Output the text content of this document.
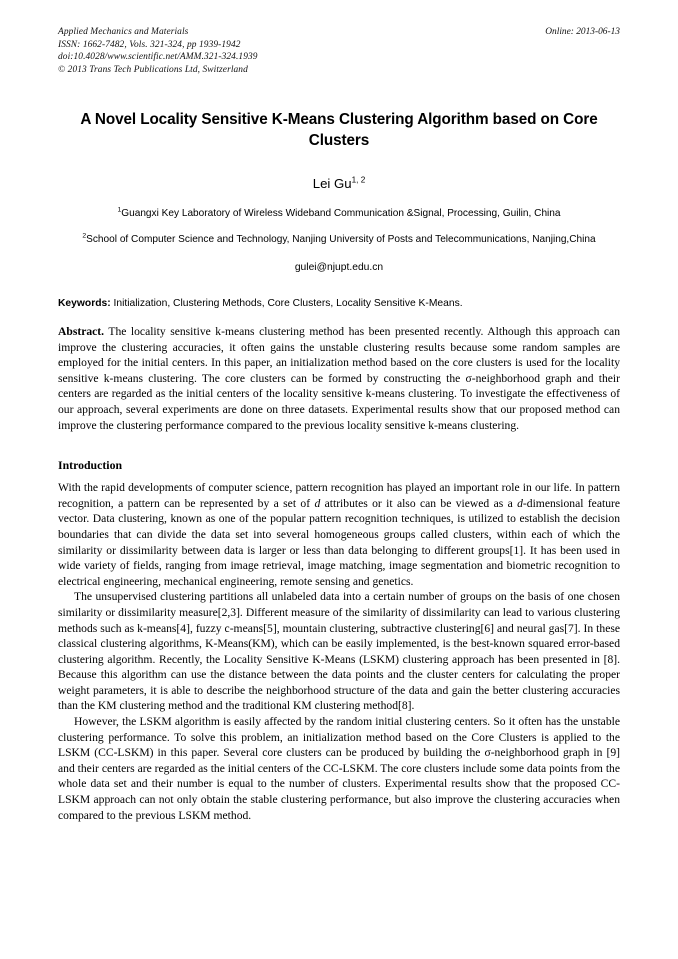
Applied Mechanics and Materials
ISSN: 1662-7482, Vols. 321-324, pp 1939-1942
doi:10.4028/www.scientific.net/AMM.321-324.1939
© 2013 Trans Tech Publications Ltd, Switzerland
Online: 2013-06-13
A Novel Locality Sensitive K-Means Clustering Algorithm based on Core Clusters
Lei Gu$^{1, 2}$
$^1$Guangxi Key Laboratory of Wireless Wideband Communication &Signal, Processing, Guilin, China
$^2$School of Computer Science and Technology, Nanjing University of Posts and Telecommunications, Nanjing,China
gulei@njupt.edu.cn
Keywords: Initialization, Clustering Methods, Core Clusters, Locality Sensitive K-Means.
Abstract. The locality sensitive k-means clustering method has been presented recently. Although this approach can improve the clustering accuracies, it often gains the unstable clustering results because some random samples are employed for the initial centers. In this paper, an initialization method based on the core clusters is used for the locality sensitive k-means clustering. The core clusters can be formed by constructing the σ-neighborhood graph and their centers are regarded as the initial centers of the locality sensitive k-means clustering. To investigate the effectiveness of our approach, several experiments are done on three datasets. Experimental results show that our proposed method can improve the clustering performance compared to the previous locality sensitive k-means clustering.
Introduction
With the rapid developments of computer science, pattern recognition has played an important role in our life. In pattern recognition, a pattern can be represented by a set of d attributes or it also can be viewed as a d-dimensional feature vector. Data clustering, known as one of the popular pattern recognition techniques, is utilized to establish the decision boundaries that can divide the data set into several homogeneous groups called clusters, within each of which the similarity or dissimilarity between data is larger or less than data belonging to different groups[1]. It has been used in wide variety of fields, ranging from image retrieval, image matching, image segmentation and biometric recognition to electrical engineering, mechanical engineering, remote sensing and genetics.
The unsupervised clustering partitions all unlabeled data into a certain number of groups on the basis of one chosen similarity or dissimilarity measure[2,3]. Different measure of the similarity of dissimilarity can lead to various clustering methods such as k-means[4], fuzzy c-means[5], mountain clustering, subtractive clustering[6] and neural gas[7]. In these classical clustering algorithms, K-Means(KM), which can be easily implemented, is the best-known squared error-based clustering algorithm. Recently, the Locality Sensitive K-Means (LSKM) clustering approach has been presented in [8]. Because this algorithm can use the distance between the data points and the cluster centers for calculating the proper weight parameters, it is able to describe the neighborhood structure of the data and gain the better clustering accuracies than the KM clustering method and the traditional KM clustering method[8].
However, the LSKM algorithm is easily affected by the random initial clustering centers. So it often has the unstable clustering performance. To solve this problem, an initialization method based on the Core Clusters is applied to the LSKM (CC-LSKM) in this paper. Several core clusters can be produced by building the σ-neighborhood graph in [9] and their centers are regarded as the initial centers of the CC-LSKM. The core clusters include some data points from the whole data set and their number is equal to the number of clusters. Experimental results show that the proposed CC-LSKM approach can not only obtain the stable clustering performance, but also improve the clustering accuracies when compared to the previous LSKM method.
